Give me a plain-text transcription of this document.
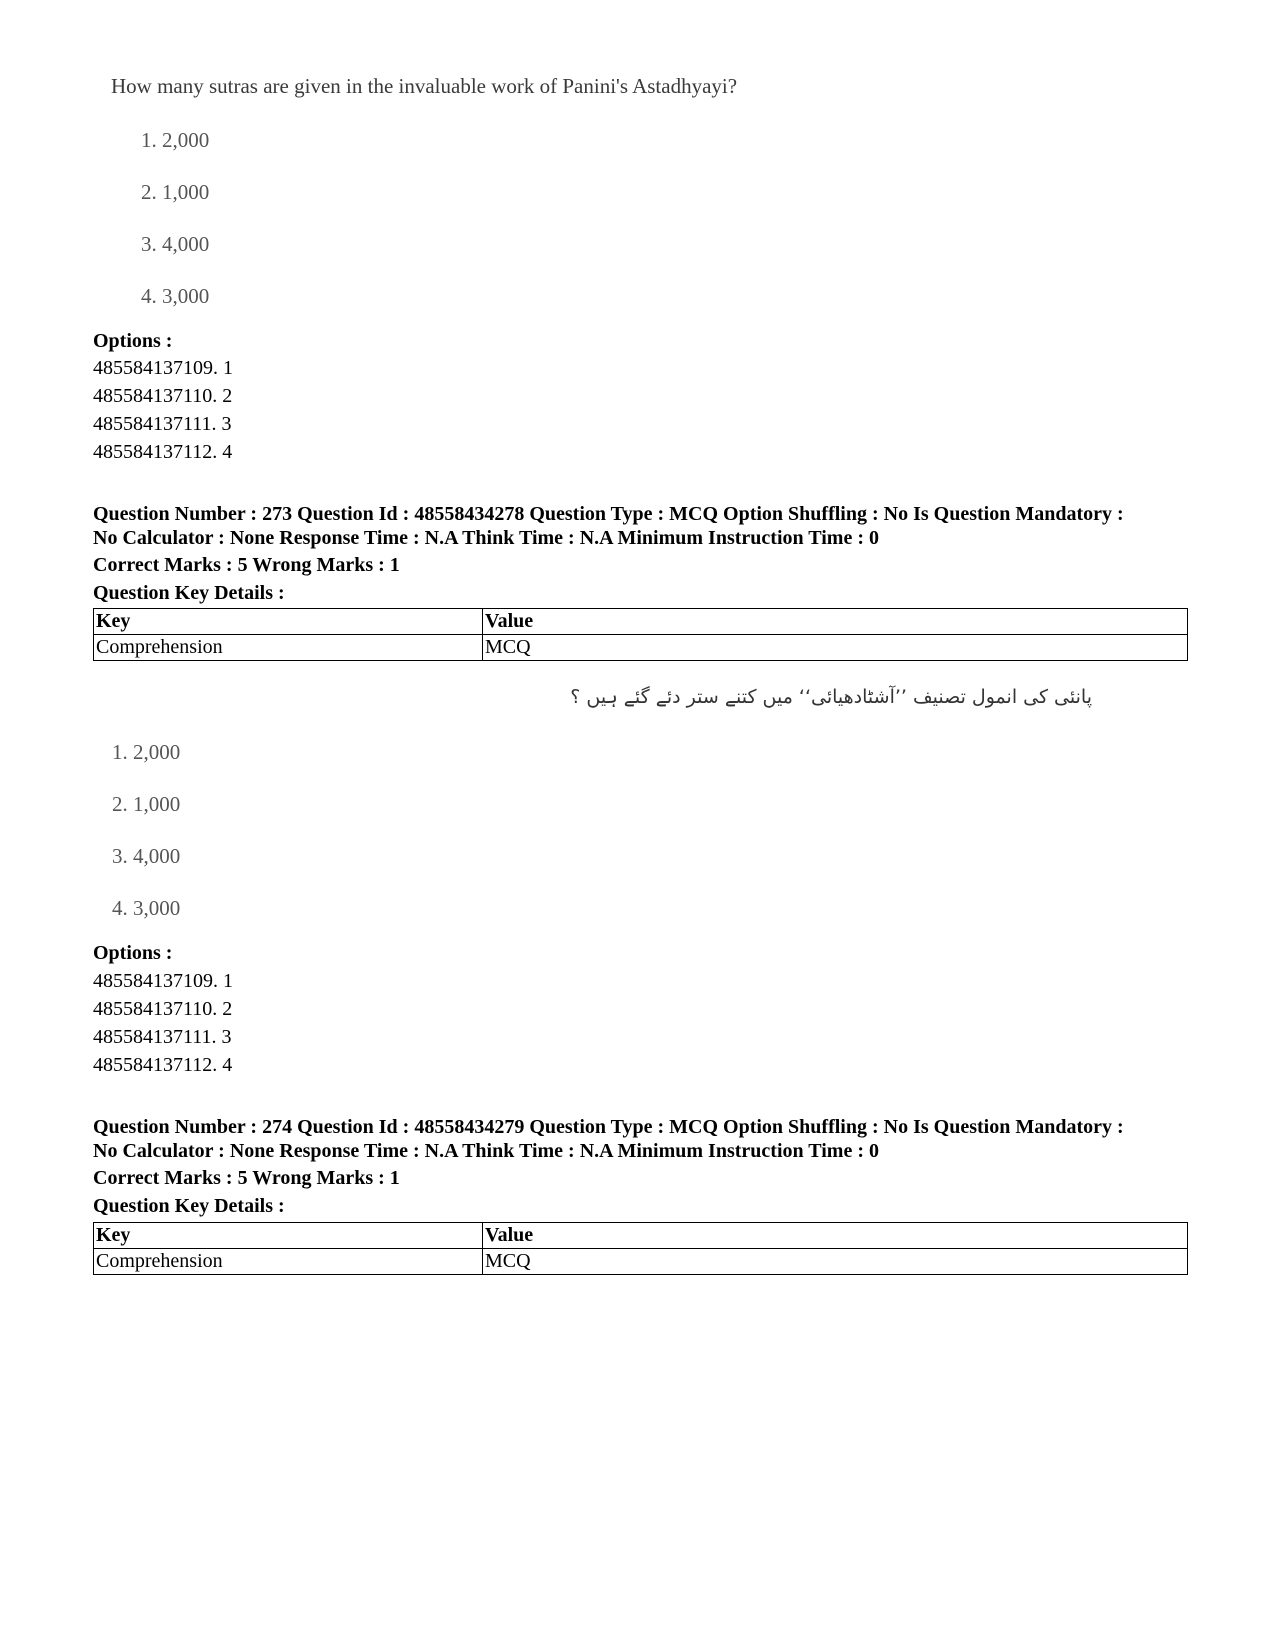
How many sutras are given in the invaluable work of Panini's Astadhyayi?
1. 2,000
2. 1,000
3. 4,000
4. 3,000
Options :
485584137109. 1
485584137110. 2
485584137111. 3
485584137112. 4
Question Number : 273 Question Id : 48558434278 Question Type : MCQ Option Shuffling : No Is Question Mandatory :
No Calculator : None Response Time : N.A Think Time : N.A Minimum Instruction Time : 0
Correct Marks : 5 Wrong Marks : 1
Question Key Details :
Key	Value
Comprehension	MCQ
پانئی کی انمول تصنیف ’’آشٹادھیائی‘‘ میں کتنے ستر دئے گئے ہیں ؟
1. 2,000
2. 1,000
3. 4,000
4. 3,000
Options :
485584137109. 1
485584137110. 2
485584137111. 3
485584137112. 4
Question Number : 274 Question Id : 48558434279 Question Type : MCQ Option Shuffling : No Is Question Mandatory :
No Calculator : None Response Time : N.A Think Time : N.A Minimum Instruction Time : 0
Correct Marks : 5 Wrong Marks : 1
Question Key Details :
Key	Value
Comprehension	MCQ
